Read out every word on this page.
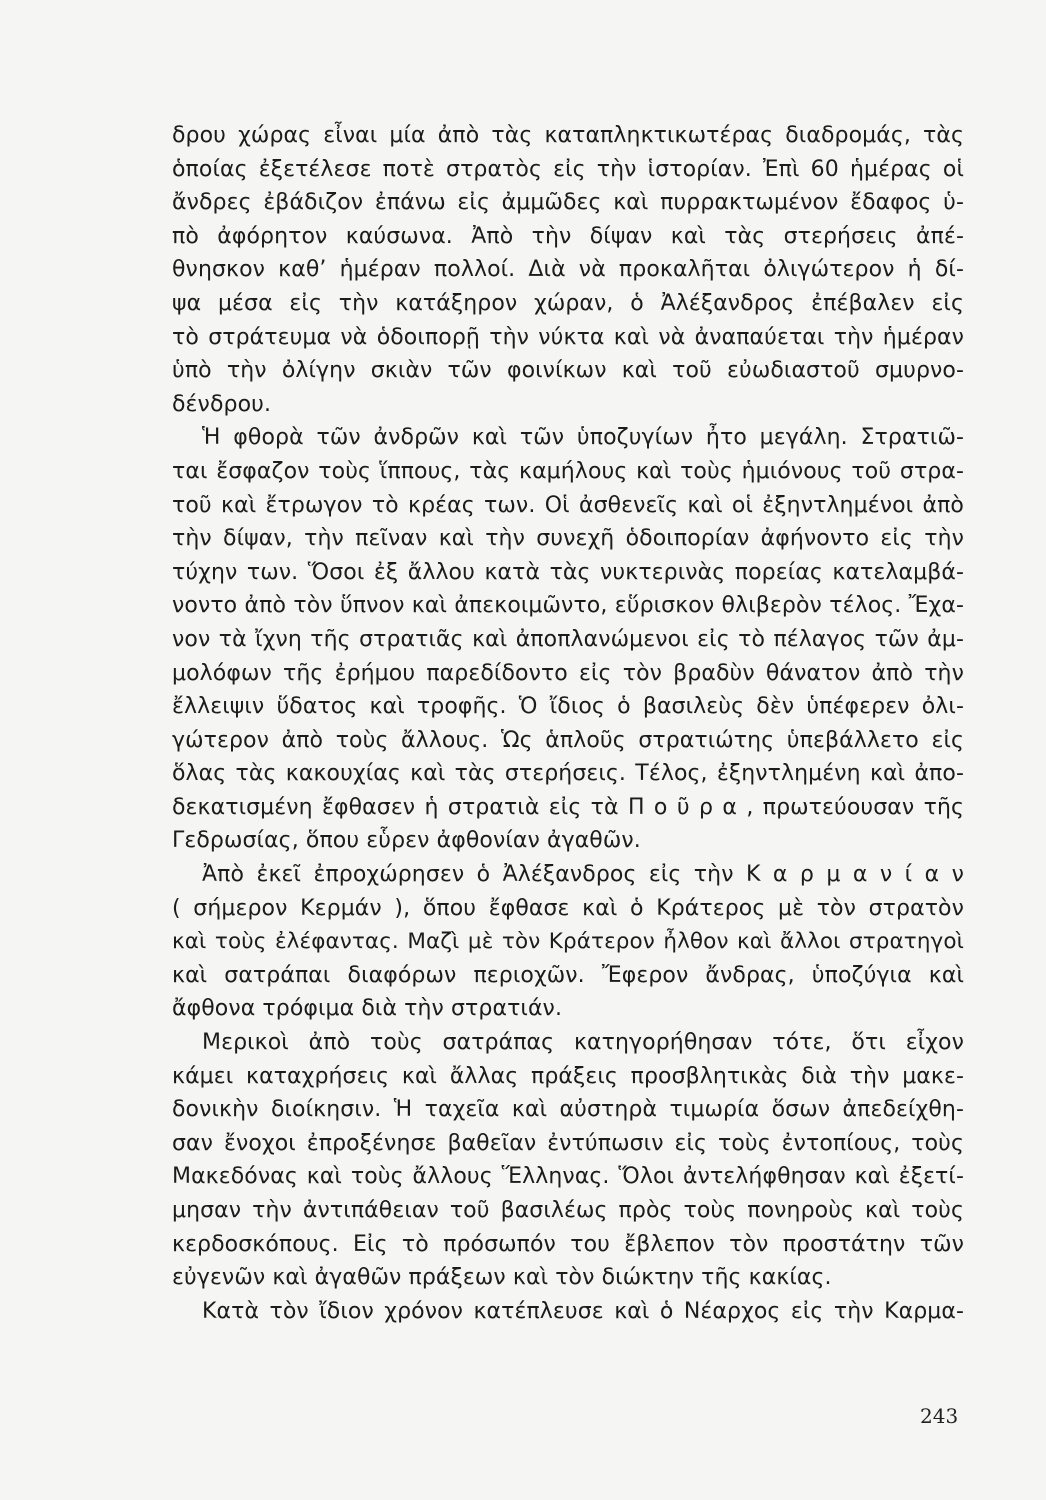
δρου χώρας εἶναι μία ἀπὸ τὰς καταπληκτικωτέρας διαδρομάς, τὰς
ὁποίας ἐξετέλεσε ποτὲ στρατὸς εἰς τὴν ἱστορίαν. Ἐπὶ 60 ἡμέρας οἱ
ἄνδρες ἐβάδιζον ἐπάνω εἰς ἀμμῶδες καὶ πυρρακτωμένον ἔδαφος ὑ-
πὸ ἀφόρητον καύσωνα. Ἀπὸ τὴν δίψαν καὶ τὰς στερήσεις ἀπέ-
θνησκον καθ’ ἡμέραν πολλοί. Διὰ νὰ προκαλῆται ὀλιγώτερον ἡ δί-
ψα μέσα εἰς τὴν κατάξηρον χώραν, ὁ Ἀλέξανδρος ἐπέβαλεν εἰς
τὸ στράτευμα νὰ ὁδοιπορῇ τὴν νύκτα καὶ νὰ ἀναπαύεται τὴν ἡμέραν
ὑπὸ τὴν ὀλίγην σκιὰν τῶν φοινίκων καὶ τοῦ εὐωδιαστοῦ σμυρνο-
δένδρου.
Ἡ φθορὰ τῶν ἀνδρῶν καὶ τῶν ὑποζυγίων ἦτο μεγάλη. Στρατιῶ-
ται ἔσφαζον τοὺς ἵππους, τὰς καμήλους καὶ τοὺς ἡμιόνους τοῦ στρα-
τοῦ καὶ ἔτρωγον τὸ κρέας των. Οἱ ἀσθενεῖς καὶ οἱ ἐξηντλημένοι ἀπὸ
τὴν δίψαν, τὴν πεῖναν καὶ τὴν συνεχῆ ὁδοιπορίαν ἀφήνοντο εἰς τὴν
τύχην των. Ὅσοι ἐξ ἄλλου κατὰ τὰς νυκτερινὰς πορείας κατελαμβά-
νοντο ἀπὸ τὸν ὕπνον καὶ ἀπεκοιμῶντο, εὕρισκον θλιβερὸν τέλος. Ἔχα-
νον τὰ ἴχνη τῆς στρατιᾶς καὶ ἀποπλανώμενοι εἰς τὸ πέλαγος τῶν ἀμ-
μολόφων τῆς ἐρήμου παρεδίδοντο εἰς τὸν βραδὺν θάνατον ἀπὸ τὴν
ἔλλειψιν ὕδατος καὶ τροφῆς. Ὁ ἴδιος ὁ βασιλεὺς δὲν ὑπέφερεν ὀλι-
γώτερον ἀπὸ τοὺς ἄλλους. Ὡς ἁπλοῦς στρατιώτης ὑπεβάλλετο εἰς
ὅλας τὰς κακουχίας καὶ τὰς στερήσεις. Τέλος, ἐξηντλημένη καὶ ἀπο-
δεκατισμένη ἔφθασεν ἡ στρατιὰ εἰς τὰ Π ο ῦ ρ α , πρωτεύουσαν τῆς
Γεδρωσίας, ὅπου εὗρεν ἀφθονίαν ἀγαθῶν.
Ἀπὸ ἐκεῖ ἐπροχώρησεν ὁ Ἀλέξανδρος εἰς τὴν Κ α ρ μ α ν ί α ν
( σήμερον Κερμάν ), ὅπου ἔφθασε καὶ ὁ Κράτερος μὲ τὸν στρατὸν
καὶ τοὺς ἐλέφαντας. Μαζὶ μὲ τὸν Κράτερον ἦλθον καὶ ἄλλοι στρατηγοὶ
καὶ σατράπαι διαφόρων περιοχῶν. Ἔφερον ἄνδρας, ὑποζύγια καὶ
ἄφθονα τρόφιμα διὰ τὴν στρατιάν.
Μερικοὶ ἀπὸ τοὺς σατράπας κατηγορήθησαν τότε, ὅτι εἶχον
κάμει καταχρήσεις καὶ ἄλλας πράξεις προσβλητικὰς διὰ τὴν μακε-
δονικὴν διοίκησιν. Ἡ ταχεῖα καὶ αὐστηρὰ τιμωρία ὅσων ἀπεδείχθη-
σαν ἔνοχοι ἐπροξένησε βαθεῖαν ἐντύπωσιν εἰς τοὺς ἐντοπίους, τοὺς
Μακεδόνας καὶ τοὺς ἄλλους Ἕλληνας. Ὅλοι ἀντελήφθησαν καὶ ἐξετί-
μησαν τὴν ἀντιπάθειαν τοῦ βασιλέως πρὸς τοὺς πονηροὺς καὶ τοὺς
κερδοσκόπους. Εἰς τὸ πρόσωπόν του ἔβλεπον τὸν προστάτην τῶν
εὐγενῶν καὶ ἀγαθῶν πράξεων καὶ τὸν διώκτην τῆς κακίας.
Κατὰ τὸν ἴδιον χρόνον κατέπλευσε καὶ ὁ Νέαρχος εἰς τὴν Καρμα-
243
